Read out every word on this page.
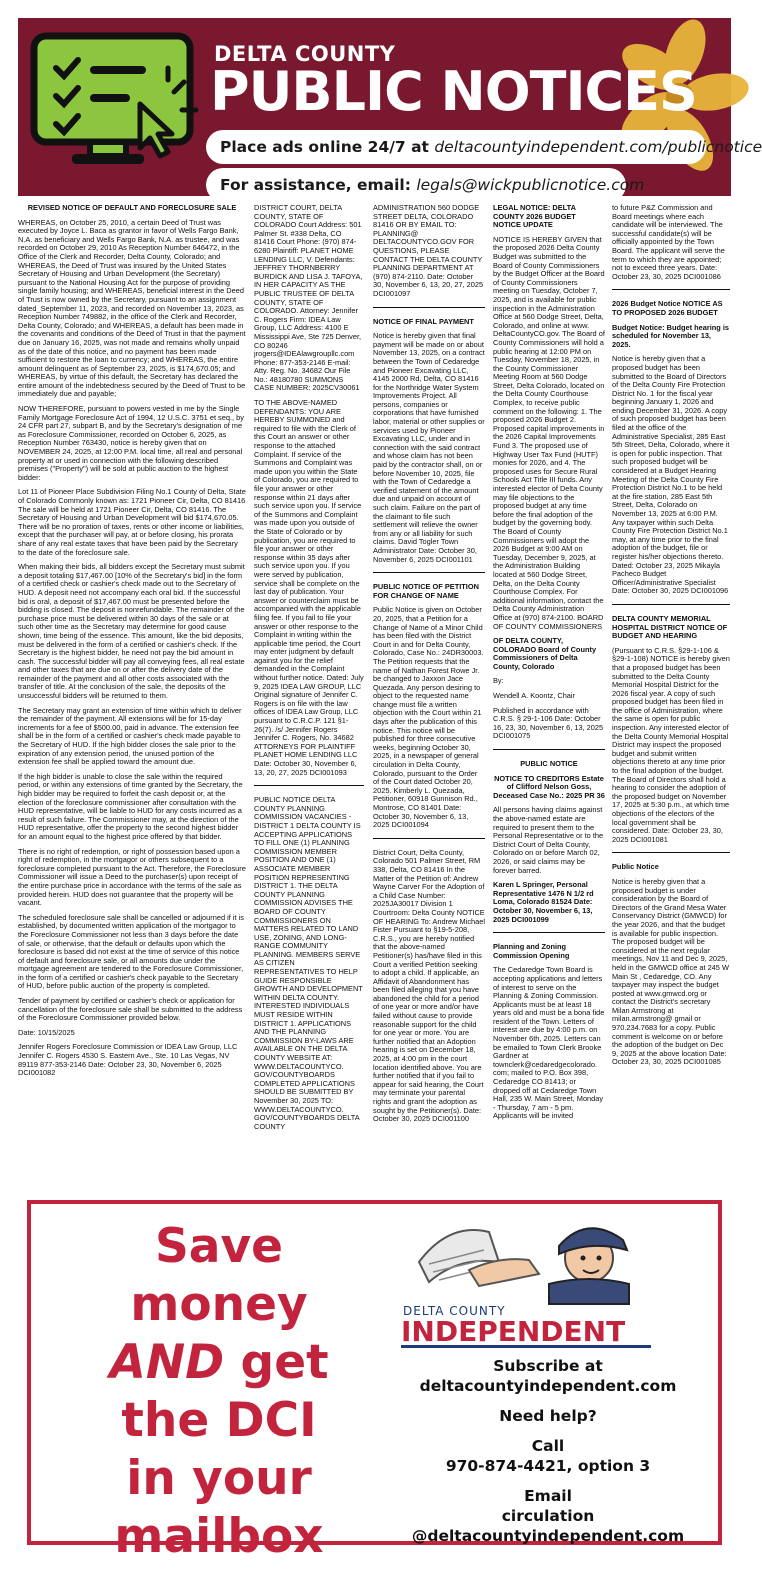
DELTA COUNTY
PUBLIC NOTICES
Place ads online 24/7 at deltacountyindependent.com/publicnotice
For assistance, email: legals@wickpublicnotice.com

REVISED NOTICE OF DEFAULT AND FORECLOSURE SALE

WHEREAS, on October 25, 2010, a certain Deed of Trust was executed by Joyce L. Baca as grantor in favor of Wells Fargo Bank, N.A. as beneficiary and Wells Fargo Bank, N.A. as trustee, and was recorded on October 29, 2010 As Reception Number 646472, in the Office of the Clerk and Recorder, Delta County, Colorado; and WHEREAS, the Deed of Trust was insured by the United States Secretary of Housing and Urban Development (the Secretary) pursuant to the National Housing Act for the purpose of providing single family housing; and WHEREAS, beneficial interest in the Deed of Trust is now owned by the Secretary, pursuant to an assignment dated_September 11, 2023, and recorded on November 13, 2023, as Reception Number 749882, in the office of the Clerk and Recorder, Delta County, Colorado; and WHEREAS, a default has been made in the covenants and conditions of the Deed of Trust in that the payment due on January 16, 2025, was not made and remains wholly unpaid as of the date of this notice, and no payment has been made sufficient to restore the loan to currency; and WHEREAS, the entire amount delinquent as of September 23, 2025, is $174,670.05; and WHEREAS, by virtue of this default, the Secretary has declared the entire amount of the indebtedness secured by the Deed of Trust to be immediately due and payable;

NOW THEREFORE, pursuant to powers vested in me by the Single Family Mortgage Foreclosure Act of 1994, 12 U.S.C. 3751 et seq., by 24 CFR part 27, subpart B, and by the Secretary's designation of me as Foreclosure Commissioner, recorded on October 6, 2025, as Reception Number 763430, notice is hereby given that on NOVEMBER 24, 2025, at 12:00 P.M. local time, all real and personal property at or used in connection with the following described premises ("Property") will be sold at public auction to the highest bidder:

Lot 11 of Pioneer Place Subdivision Filing No.1 County of Delta, State of Colorado Commonly known as: 1721 Pioneer Cir, Delta, CO 81416 The sale will be held at 1721 Pioneer Cir, Delta, CO 81416. The Secretary of Housing and Urban Development will bid $174,670.05. There will be no proration of taxes, rents or other income or liabilities, except that the purchaser will pay, at or before closing, his prorata share of any real estate taxes that have been paid by the Secretary to the date of the foreclosure sale.

When making their bids, all bidders except the Secretary must submit a deposit totaling $17,467.00 [10% of the Secretary's bid] in the form of a certified check or cashier's check made out to the Secretary of HUD. A deposit need not accompany each oral bid. If the successful bid is oral, a deposit of $17,467.00 must be presented before the bidding is closed. The deposit is nonrefundable. The remainder of the purchase price must be delivered within 30 days of the sale or at such other time as the Secretary may determine for good cause shown, time being of the essence. This amount, like the bid deposits, must be delivered in the form of a certified or cashier's check. If the Secretary is the highest bidder, he need not pay the bid amount in cash. The successful bidder will pay all conveying fees, all real estate and other taxes that are due on or after the delivery date of the remainder of the payment and all other costs associated with the transfer of title. At the conclusion of the sale, the deposits of the unsuccessful bidders will be returned to them.

The Secretary may grant an extension of time within which to deliver the remainder of the payment. All extensions will be for 15-day increments for a fee of $500.00, paid in advance. The extension fee shall be in the form of a certified or cashier's check made payable to the Secretary of HUD. If the high bidder closes the sale prior to the expiration of any extension period, the unused portion of the extension fee shall be applied toward the amount due.

If the high bidder is unable to close the sale within the required period, or within any extensions of time granted by the Secretary, the high bidder may be required to forfeit the cash deposit or, at the election of the foreclosure commissioner after consultation with the HUD representative, will be liable to HUD for any costs incurred as a result of such failure. The Commissioner may, at the direction of the HUD representative, offer the property to the second highest bidder for an amount equal to the highest price offered by that bidder.

There is no right of redemption, or right of possession based upon a right of redemption, in the mortgagor or others subsequent to a foreclosure completed pursuant to the Act. Therefore, the Foreclosure Commissioner will issue a Deed to the purchaser(s) upon receipt of the entire purchase price in accordance with the terms of the sale as provided herein. HUD does not guarantee that the property will be vacant.

The scheduled foreclosure sale shall be cancelled or adjourned if it is established, by documented written application of the mortgagor to the Foreclosure Commissioner not less than 3 days before the date of sale, or otherwise, that the default or defaults upon which the foreclosure is based did not exist at the time of service of this notice of default and foreclosure sale, or all amounts due under the mortgage agreement are tendered to the Foreclosure Commissioner, in the form of a certified or cashier's check payable to the Secretary of HUD, before public auction of the property is completed.

Tender of payment by certified or cashier's check or application for cancellation of the foreclosure sale shall be submitted to the address of the Foreclosure Commissioner provided below.

Date: 10/15/2025

Jennifer Rogers Foreclosure Commission or IDEA Law Group, LLC Jennifer C. Rogers 4530 S. Eastern Ave., Ste. 10 Las Vegas, NV 89119 877-353-2146 Date: October 23, 30, November 6, 2025 DCI001082

DISTRICT COURT, DELTA COUNTY, STATE OF COLORADO Court Address: 501 Palmer St. #338 Delta, CO 81416 Court Phone: (970) 874-6280 Plaintiff: PLANET HOME LENDING LLC, V. Defendants: JEFFREY THORNBERRY BURDICK AND LISA J. TAFOYA, IN HER CAPACITY AS THE PUBLIC TRUSTEE OF DELTA COUNTY, STATE OF COLORADO. Attorney: Jennifer C. Rogers Firm: IDEA Law Group, LLC Address: 4100 E Mississippi Ave, Ste 725 Denver, CO 80246 jrogers@IDEAlawgroupllc.com Phone: 877-353-2146 E-mail: Atty. Reg. No. 34682 Our File No.: 48180780 SUMMONS CASE NUMBER: 2025CV30061

TO THE ABOVE-NAMED DEFENDANTS: YOU ARE HEREBY SUMMONED and required to file with the Clerk of this Court an answer or other response to the attached Complaint. If service of the Summons and Complaint was made upon you within the State of Colorado, you are required to file your answer or other response within 21 days after such service upon you. If service of the Summons and Complaint was made upon you outside of the State of Colorado or by publication, you are required to file your answer or other response within 35 days after such service upon you. If you were served by publication, service shall be complete on the last day of publication. Your answer or counterclaim must be accompanied with the applicable filing fee. If you fail to file your answer or other response to the Complaint in writing within the applicable time period, the Court may enter judgment by default against you for the relief demanded in the Complaint without further notice. Dated: July 9, 2025 IDEA LAW GROUP, LLC Original signature of Jennifer C. Rogers is on file with the law offices of IDEA Law Group, LLC pursuant to C.R.C.P. 121 §1-26(7). /s/ Jennifer Rogers Jennifer C. Rogers, No. 34682 ATTORNEYS FOR PLAINTIFF PLANET HOME LENDING LLC Date: October 30, November 6, 13, 20, 27, 2025 DCI001093

PUBLIC NOTICE DELTA COUNTY PLANNING COMMISSION VACANCIES - DISTRICT 1 DELTA COUNTY IS ACCEPTING APPLICATIONS TO FILL ONE (1) PLANNING COMMISSION MEMBER POSITION AND ONE (1) ASSOCIATE MEMBER POSITION REPRESENTING DISTRICT 1. THE DELTA COUNTY PLANNING COMMISSION ADVISES THE BOARD OF COUNTY COMMISSIONERS ON MATTERS RELATED TO LAND USE, ZONING, AND LONG-RANGE COMMUNITY PLANNING. MEMBERS SERVE AS CITIZEN REPRESENTATIVES TO HELP GUIDE RESPONSIBLE GROWTH AND DEVELOPMENT WITHIN DELTA COUNTY. INTERESTED INDIVIDUALS MUST RESIDE WITHIN DISTRICT 1. APPLICATIONS AND THE PLANNING COMMISSION BY-LAWS ARE AVAILABLE ON THE DELTA COUNTY WEBSITE AT: WWW.DELTACOUNTYCO. GOV/COUNTYBOARDS COMPLETED APPLICATIONS SHOULD BE SUBMITTED BY November 30, 2025 TO: WWW.DELTACOUNTYCO. GOV/COUNTYBOARDS DELTA COUNTY

ADMINISTRATION 560 DODGE STREET DELTA, COLORADO 81416 OR BY EMAIL TO: PLANNING@ DELTACOUNTYCO.GOV FOR QUESTIONS, PLEASE CONTACT THE DELTA COUNTY PLANNING DEPARTMENT AT (970) 874-2110. Date: October 30, November 6, 13, 20, 27, 2025 DCI001097

NOTICE OF FINAL PAYMENT

Notice is hereby given that final payment will be made on or about November 13, 2025, on a contract between the Town of Cedaredge and Pioneer Excavating LLC, 4145 2000 Rd, Delta, CO 81416 for the Northridge Water System Improvements Project. All persons, companies or corporations that have furnished labor, material or other supplies or services used by Pioneer Excavating LLC, under and in connection with the said contract and whose claim has not been paid by the contractor shall, on or before November 10, 2025, file with the Town of Cedaredge a verified statement of the amount due and unpaid on account of such claim. Failure on the part of the claimant to file such settlement will relieve the owner from any or all liability for such claims. David Togler Town Administrator Date: October 30, November 6, 2025 DCI001101

PUBLIC NOTICE OF PETITION FOR CHANGE OF NAME

Public Notice is given on October 20, 2025, that a Petition for a Change of Name of a Minor Child has been filed with the District Court in and for Delta County, Colorado, Case No.: 24DR30003. The Petition requests that the name of Nathan Forest Rowe Jr. be changed to Jaxxon Jace Quezada. Any person desiring to object to the requested name change must file a written objection with the Court within 21 days after the publication of this notice. This notice will be published for three consecutive weeks, beginning October 30, 2025, in a newspaper of general circulation in Delta County, Colorado, pursuant to the Order of the Court dated October 20, 2025. Kimberly L. Quezada, Petitioner, 60918 Gunnison Rd., Montrose, CO 81401 Date: October 30, November 6, 13, 2025 DCI001094

District Court, Delta County, Colorado 501 Palmer Street, RM 338, Delta, CO 81416 In the Matter of the Petition of: Andrew Wayne Carver For the Adoption of a Child Case Number: 2025JA30017 Division 1 Courtroom: Delta County NOTICE OF HEARING To: Andrew Michael Fister Pursuant to §19-5-208, C.R.S., you are hereby notified that the above-named Petitioner(s) has/have filed in this Court a verified Petition seeking to adopt a child. If applicable, an Affidavit of Abandonment has been filed alleging that you have abandoned the child for a period of one year or more and/or have failed without cause to provide reasonable support for the child for one year or more. You are further notified that an Adoption hearing is set on December 18, 2025, at 4:00 pm in the court location identified above. You are further notified that if you fail to appear for said hearing, the Court may terminate your parental rights and grant the adoption as sought by the Petitioner(s). Date: October 30, 2025 DCI001100

LEGAL NOTICE: DELTA COUNTY 2026 BUDGET NOTICE UPDATE

NOTICE IS HEREBY GIVEN that the proposed 2026 Delta County Budget was submitted to the Board of County Commissioners by the Budget Officer at the Board of County Commissioners meeting on Tuesday, October 7, 2025, and is available for public inspection in the Administration Office at 560 Dodge Street, Delta, Colorado, and online at www. DeltaCountyCO.gov. The Board of County Commissioners will hold a public hearing at 12:00 PM on Tuesday, November 18, 2025, in the County Commissioner Meeting Room at 560 Dodge Street, Delta Colorado, located on the Delta County Courthouse Complex, to receive public comment on the following: 1. The proposed 2026 Budget 2. Proposed capital improvements in the 2026 Capital Improvements Fund 3. The proposed use of Highway User Tax Fund (HUTF) monies for 2026, and 4. The proposed uses for Secure Rural Schools Act Title III funds. Any interested elector of Delta County may file objections to the proposed budget at any time before the final adoption of the budget by the governing body. The Board of County Commissioners will adopt the 2026 Budget at 9:00 AM on Tuesday, December 9, 2025, at the Administration Building located at 560 Dodge Street, Delta, on the Delta County Courthouse Complex. For additional information, contact the Delta County Administration Office at (970) 874-2100. BOARD OF COUNTY COMMISSIONERS

OF DELTA COUNTY, COLORADO Board of County Commissioners of Delta County, Colorado

By:

Wendell A. Koontz, Chair

Published in accordance with C.R.S. § 29-1-106 Date: October 16, 23, 30, November 6, 13, 2025 DCI001075

PUBLIC NOTICE

NOTICE TO CREDITORS Estate of Clifford Nelson Goss, Deceased Case No.: 2025 PR 36

All persons having claims against the above-named estate are required to present them to the Personal Representative or to the District Court of Delta County, Colorado on or before March 02, 2026, or said claims may be forever barred.

Karen L Springer, Personal Representative 1476 N 1/2 rd Loma, Colorado 81524 Date: October 30, November 6, 13, 2025 DCI001099

Planning and Zoning Commission Opening

The Cedaredge Town Board is accepting applications and letters of interest to serve on the Planning & Zoning Commission. Applicants must be at least 18 years old and must be a bona fide resident of the Town. Letters of interest are due by 4:00 p.m. on November 6th, 2025. Letters can be emailed to Town Clerk Brooke Gardner at townclerk@cedaredgecolorado. com; mailed to P.O. Box 398, Cedaredge CO 81413; or dropped off at Cedaredge Town Hall, 235 W. Main Street, Monday - Thursday, 7 am - 5 pm. Applicants will be invited

to future P&Z Commission and Board meetings where each candidate will be interviewed. The successful candidate(s) will be officially appointed by the Town Board. The applicant will serve the term to which they are appointed; not to exceed three years. Date: October 23, 30, 2025 DCI001086

2026 Budget Notice NOTICE AS TO PROPOSED 2026 BUDGET

Budget Notice: Budget hearing is scheduled for November 13, 2025.

Notice is hereby given that a proposed budget has been submitted to the Board of Directors of the Delta County Fire Protection District No. 1 for the fiscal year beginning January 1, 2026 and ending December 31, 2026. A copy of such proposed budget has been filed at the office of the Administrative Specialist, 285 East 5th Street, Delta, Colorado, where it is open for public inspection. That such proposed budget will be considered at a Budget Hearing Meeting of the Delta County Fire Protection District No.1 to be held at the fire station, 285 East 5th Street, Delta, Colorado on November 13, 2025 at 6:00 P.M. Any taxpayer within such Delta County Fire Protection District No.1 may, at any time prior to the final adoption of the budget, file or register his/her objections thereto. Dated: October 23, 2025 Mikayla Pacheco Budget Officer/Administrative Specialist Date: October 30, 2025 DCI001096

DELTA COUNTY MEMORIAL HOSPITAL DISTRICT NOTICE OF BUDGET AND HEARING

(Pursuant to C.R.S. §29-1-106 & §29-1-108) NOTICE is hereby given that a proposed budget has been submitted to the Delta County Memorial Hospital District for the 2026 fiscal year. A copy of such proposed budget has been filed in the office of Administration, where the same is open for public inspection. Any interested elector of the Delta County Memorial Hospital District may inspect the proposed budget and submit written objections thereto at any time prior to the final adoption of the budget. The Board of Directors shall hold a hearing to consider the adoption of the proposed budget on November 17, 2025 at 5:30 p.m., at which time objections of the electors of the local government shall be considered. Date: October 23, 30, 2025 DCI001081

Public Notice

Notice is hereby given that a proposed budget is under consideration by the Board of Directors of the Grand Mesa Water Conservancy District (GMWCD) for the year 2026, and that the budget is available for public inspection. The proposed budget will be considered at the next regular meetings, Nov 11 and Dec 9, 2025, held in the GMWCD office at 245 W Main St , Cedaredge, CO. Any taxpayer may inspect the budget posted at www.gmwcd.org or contact the District's secretary Milan Armstrong at milan.armstrong@ gmail or 970.234.7683 for a copy. Public comment is welcome on or before the adoption of the budget on Dec 9, 2025 at the above location Date: October 23, 30, 2025 DCI001085

Save
money
AND get
the DCI
in your
mailbox
DELTA COUNTY
INDEPENDENT

Subscribe at
deltacountyindependent.com

Need help?

Call
970-874-4421, option 3

Email
circulation
@deltacountyindependent.com
